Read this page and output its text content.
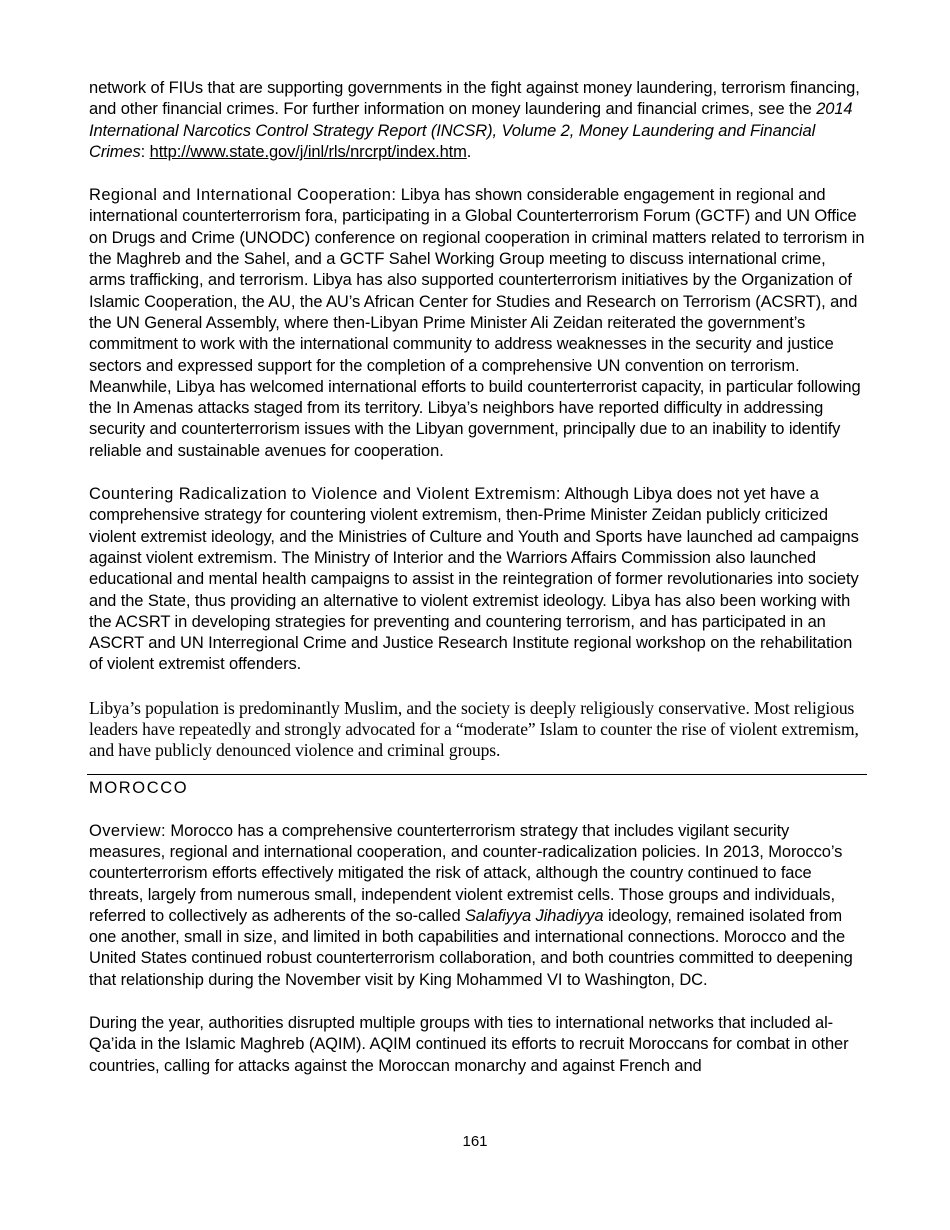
network of FIUs that are supporting governments in the fight against money laundering, terrorism financing, and other financial crimes. For further information on money laundering and financial crimes, see the 2014 International Narcotics Control Strategy Report (INCSR), Volume 2, Money Laundering and Financial Crimes: http://www.state.gov/j/inl/rls/nrcrpt/index.htm.

Regional and International Cooperation: Libya has shown considerable engagement in regional and international counterterrorism fora, participating in a Global Counterterrorism Forum (GCTF) and UN Office on Drugs and Crime (UNODC) conference on regional cooperation in criminal matters related to terrorism in the Maghreb and the Sahel, and a GCTF Sahel Working Group meeting to discuss international crime, arms trafficking, and terrorism. Libya has also supported counterterrorism initiatives by the Organization of Islamic Cooperation, the AU, the AU’s African Center for Studies and Research on Terrorism (ACSRT), and the UN General Assembly, where then-Libyan Prime Minister Ali Zeidan reiterated the government’s commitment to work with the international community to address weaknesses in the security and justice sectors and expressed support for the completion of a comprehensive UN convention on terrorism. Meanwhile, Libya has welcomed international efforts to build counterterrorist capacity, in particular following the In Amenas attacks staged from its territory. Libya’s neighbors have reported difficulty in addressing security and counterterrorism issues with the Libyan government, principally due to an inability to identify reliable and sustainable avenues for cooperation.

Countering Radicalization to Violence and Violent Extremism: Although Libya does not yet have a comprehensive strategy for countering violent extremism, then-Prime Minister Zeidan publicly criticized violent extremist ideology, and the Ministries of Culture and Youth and Sports have launched ad campaigns against violent extremism. The Ministry of Interior and the Warriors Affairs Commission also launched educational and mental health campaigns to assist in the reintegration of former revolutionaries into society and the State, thus providing an alternative to violent extremist ideology. Libya has also been working with the ACSRT in developing strategies for preventing and countering terrorism, and has participated in an ASCRT and UN Interregional Crime and Justice Research Institute regional workshop on the rehabilitation of violent extremist offenders.

Libya’s population is predominantly Muslim, and the society is deeply religiously conservative. Most religious leaders have repeatedly and strongly advocated for a “moderate” Islam to counter the rise of violent extremism, and have publicly denounced violence and criminal groups.

MOROCCO

Overview: Morocco has a comprehensive counterterrorism strategy that includes vigilant security measures, regional and international cooperation, and counter-radicalization policies. In 2013, Morocco’s counterterrorism efforts effectively mitigated the risk of attack, although the country continued to face threats, largely from numerous small, independent violent extremist cells. Those groups and individuals, referred to collectively as adherents of the so-called Salafiyya Jihadiyya ideology, remained isolated from one another, small in size, and limited in both capabilities and international connections. Morocco and the United States continued robust counterterrorism collaboration, and both countries committed to deepening that relationship during the November visit by King Mohammed VI to Washington, DC.

During the year, authorities disrupted multiple groups with ties to international networks that included al-Qa’ida in the Islamic Maghreb (AQIM). AQIM continued its efforts to recruit Moroccans for combat in other countries, calling for attacks against the Moroccan monarchy and against French and

161
